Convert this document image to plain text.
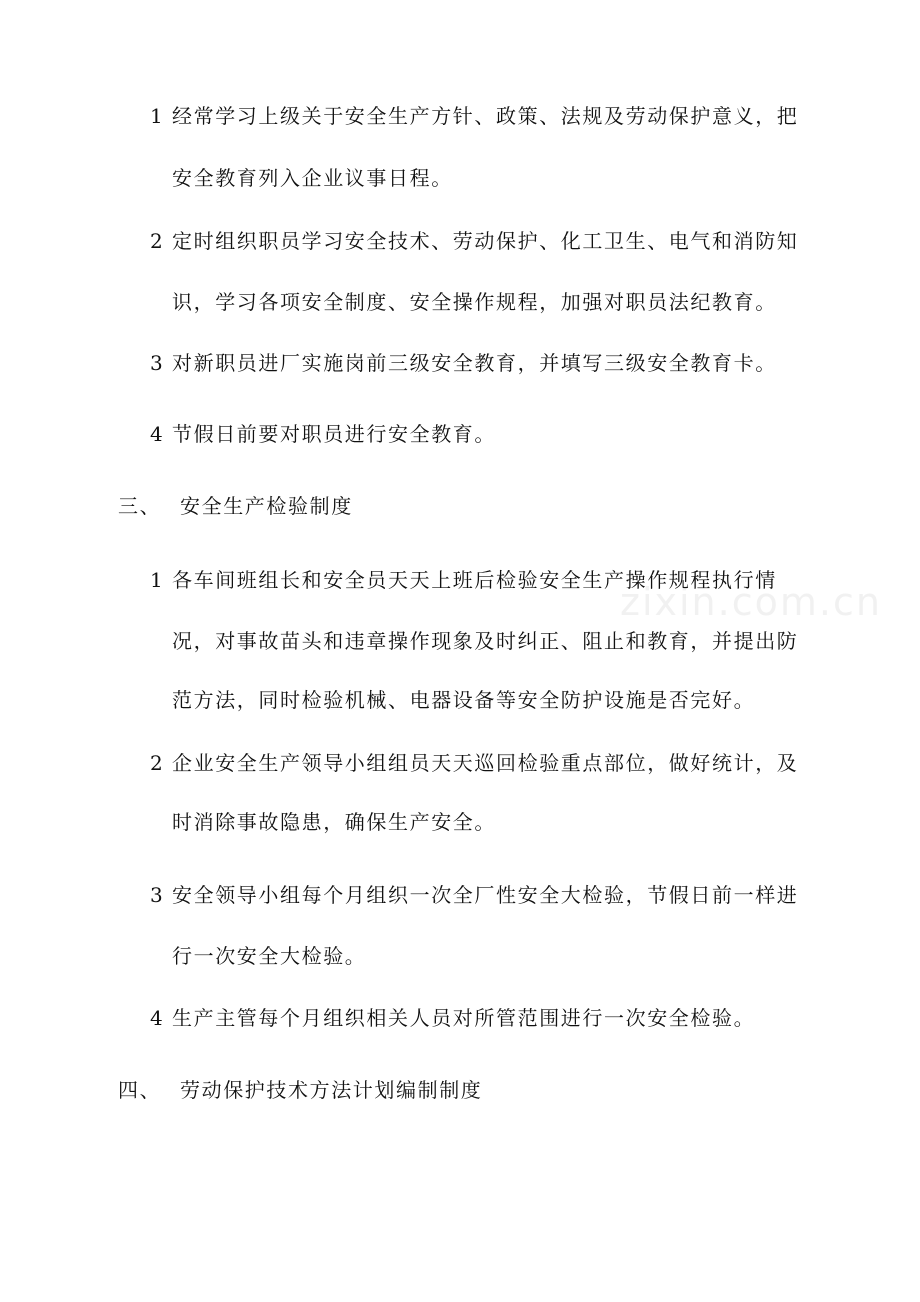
zixin.com.cn
1 经常学习上级关于安全生产方针、政策、法规及劳动保护意义，把
安全教育列入企业议事日程。
2 定时组织职员学习安全技术、劳动保护、化工卫生、电气和消防知
识，学习各项安全制度、安全操作规程，加强对职员法纪教育。
3 对新职员进厂实施岗前三级安全教育，并填写三级安全教育卡。
4 节假日前要对职员进行安全教育。
三、 安全生产检验制度
1 各车间班组长和安全员天天上班后检验安全生产操作规程执行情
况，对事故苗头和违章操作现象及时纠正、阻止和教育，并提出防
范方法，同时检验机械、电器设备等安全防护设施是否完好。
2 企业安全生产领导小组组员天天巡回检验重点部位，做好统计，及
时消除事故隐患，确保生产安全。
3 安全领导小组每个月组织一次全厂性安全大检验，节假日前一样进
行一次安全大检验。
4 生产主管每个月组织相关人员对所管范围进行一次安全检验。
四、 劳动保护技术方法计划编制制度
